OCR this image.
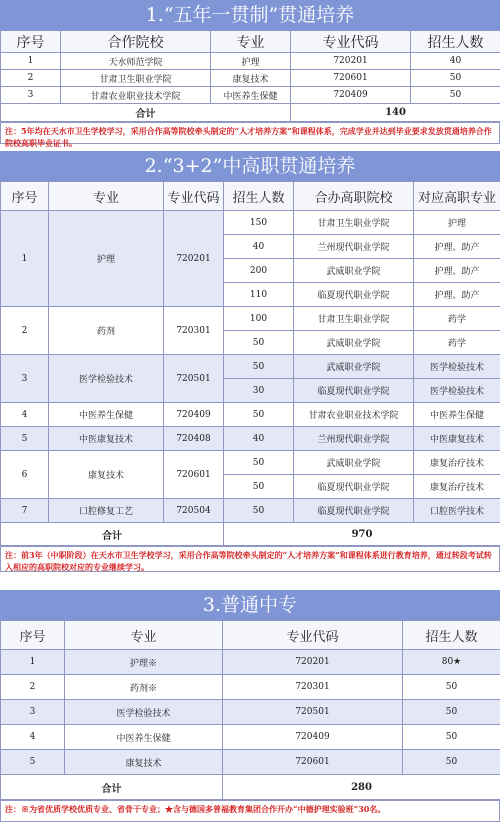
1.“五年一贯制”贯通培养
序号	合作院校	专业	专业代码	招生人数
1	天水师范学院	护理	720201	40
2	甘肃卫生职业学院	康复技术	720601	50
3	甘肃农业职业技术学院	中医养生保健	720409	50
合计			140	
注：5年均在天水市卫生学校学习，采用合作高等院校牵头制定的“人才培养方案”和课程体系，完成学业并达到毕业要求发放贯通培养合作院校高职毕业证书。
2.“3+2”中高职贯通培养
序号	专业	专业代码	招生人数	合办高职院校	对应高职专业
1	护理	720201	150	甘肃卫生职业学院	护理
			40	兰州现代职业学院	护理、助产
			200	武威职业学院	护理、助产
			110	临夏现代职业学院	护理、助产
2	药剂	720301	100	甘肃卫生职业学院	药学
			50	武威职业学院	药学
3	医学检验技术	720501	50	武威职业学院	医学检验技术
			30	临夏现代职业学院	医学检验技术
4	中医养生保健	720409	50	甘肃农业职业技术学院	中医养生保健
5	中医康复技术	720408	40	兰州现代职业学院	中医康复技术
6	康复技术	720601	50	武威职业学院	康复治疗技术
			50	临夏现代职业学院	康复治疗技术
7	口腔修复工艺	720504	50	临夏现代职业学院	口腔医学技术
合计			970		
注：前3年（中职阶段）在天水市卫生学校学习，采用合作高等院校牵头制定的“人才培养方案”和课程体系进行教育培养，通过转段考试转入相应的高职院校对应的专业继续学习。
3.普通中专
序号	专业	专业代码	招生人数
1	护理※	720201	80★
2	药剂※	720301	50
3	医学检验技术	720501	50
4	中医养生保健	720409	50
5	康复技术	720601	50
合计		280	
注：※为省优质学校优质专业、省骨干专业；★含与德国多普福教育集团合作开办“中德护理实验班”30名。
